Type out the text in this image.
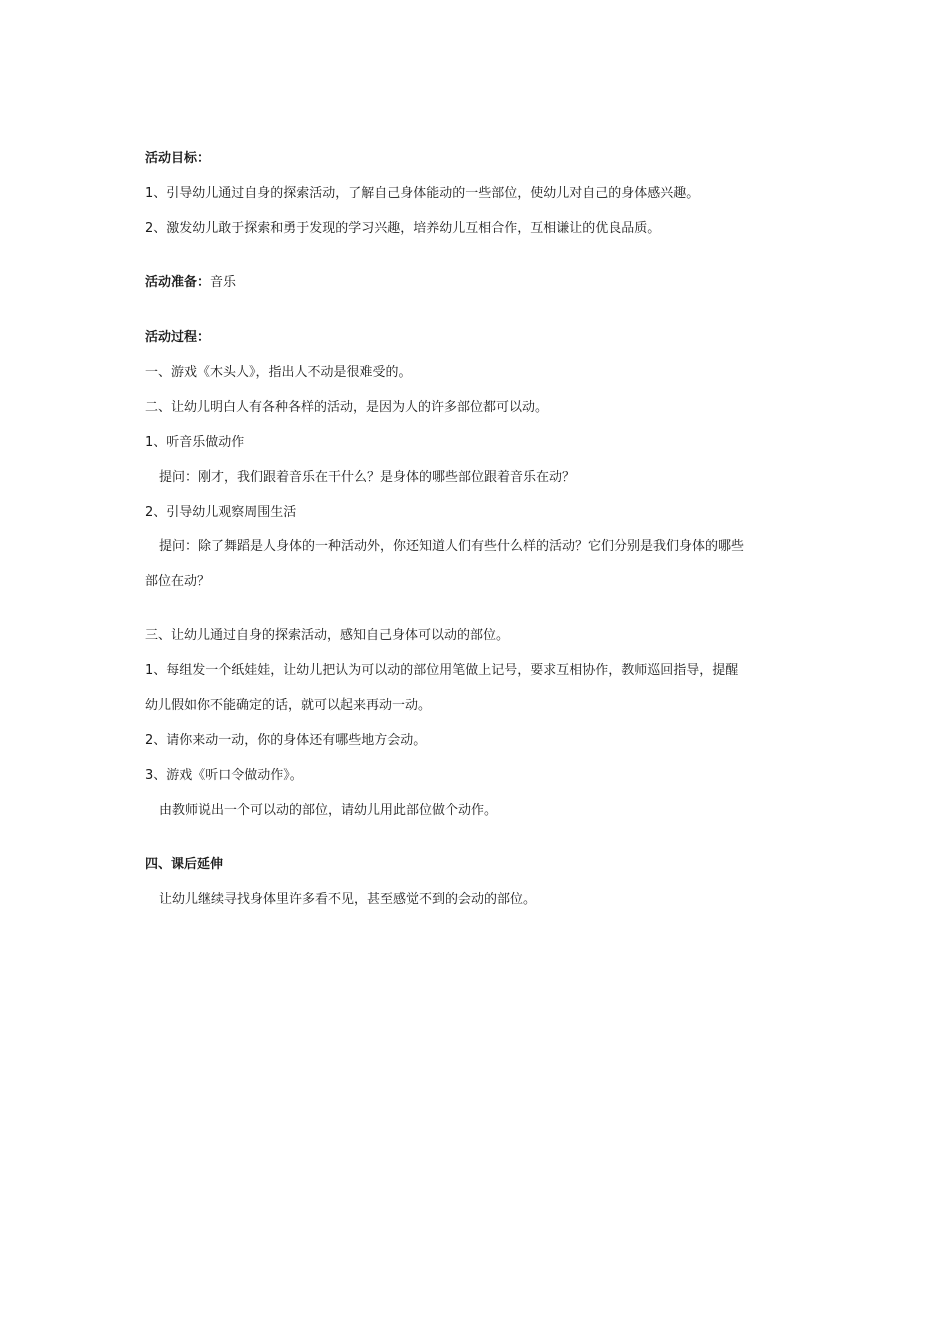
活动目标：
1、引导幼儿通过自身的探索活动，了解自己身体能动的一些部位，使幼儿对自己的身体感兴趣。
2、激发幼儿敢于探索和勇于发现的学习兴趣，培养幼儿互相合作，互相谦让的优良品质。
活动准备：音乐
活动过程：
一、游戏《木头人》，指出人不动是很难受的。
二、让幼儿明白人有各种各样的活动，是因为人的许多部位都可以动。
1、听音乐做动作
提问：刚才，我们跟着音乐在干什么？是身体的哪些部位跟着音乐在动？
2、引导幼儿观察周围生活
提问：除了舞蹈是人身体的一种活动外，你还知道人们有些什么样的活动？它们分别是我们身体的哪些
部位在动？
三、让幼儿通过自身的探索活动，感知自己身体可以动的部位。
1、每组发一个纸娃娃，让幼儿把认为可以动的部位用笔做上记号，要求互相协作，教师巡回指导，提醒
幼儿假如你不能确定的话，就可以起来再动一动。
2、请你来动一动，你的身体还有哪些地方会动。
3、游戏《听口令做动作》。
由教师说出一个可以动的部位，请幼儿用此部位做个动作。
四、课后延伸
让幼儿继续寻找身体里许多看不见，甚至感觉不到的会动的部位。
